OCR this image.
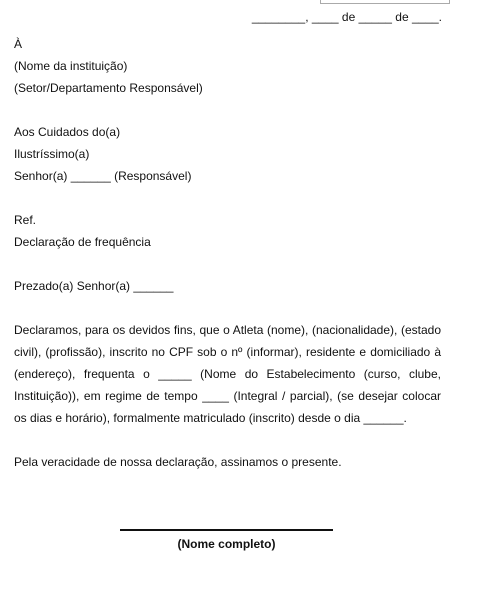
________, ____ de _____ de ____.
À
(Nome da instituição)
(Setor/Departamento Responsável)
Aos Cuidados do(a)
Ilustríssimo(a)
Senhor(a) ______ (Responsável)
Ref.
Declaração de frequência
Prezado(a) Senhor(a) ______
Declaramos, para os devidos fins, que o Atleta (nome), (nacionalidade), (estado civil), (profissão), inscrito no CPF sob o nº (informar), residente e domiciliado à (endereço), frequenta o _____ (Nome do Estabelecimento (curso, clube, Instituição)), em regime de tempo ____ (Integral / parcial), (se desejar colocar os dias e horário), formalmente matriculado (inscrito) desde o dia ______.
Pela veracidade de nossa declaração, assinamos o presente.
(Nome completo)
